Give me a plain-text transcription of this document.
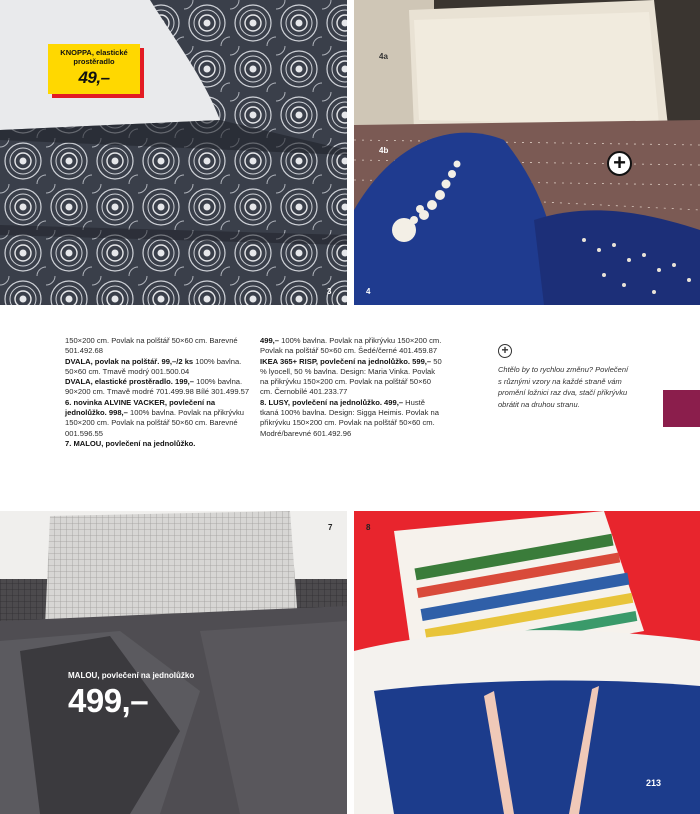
KNOPPA, elastické prostěradlo
49,–
3
4a
4b
4
+

150×200 cm. Povlak na polštář 50×60 cm. Barevné 501.492.68

DVALA, povlak na polštář. 99,–/2 ks 100% bavlna. 50×60 cm. Tmavě modrý 001.500.04

DVALA, elastické prostěradlo. 199,– 100% bavlna. 90×200 cm. Tmavě modré 701.499.98 Bílé 301.499.57

6. novinka ALVINE VACKER, povlečení na jednolůžko. 998,– 100% bavlna. Povlak na přikrývku 150×200 cm. Povlak na polštář 50×60 cm. Barevné 001.596.55

7. MALOU, povlečení na jednolůžko.

499,– 100% bavlna. Povlak na přikrývku 150×200 cm. Povlak na polštář 50×60 cm. Šedé/černé 401.459.87

IKEA 365+ RISP, povlečení na jednolůžko. 599,– 50 % lyocell, 50 % bavlna. Design: Maria Vinka. Povlak na přikrývku 150×200 cm. Povlak na polštář 50×60 cm. Černobílé 401.233.77

8. LUSY, povlečení na jednolůžko. 499,– Hustě tkaná 100% bavlna. Design: Sigga Heimis. Povlak na přikrývku 150×200 cm. Povlak na polštář 50×60 cm. Modré/barevné 601.492.96

+
Chtělo by to rychlou změnu? Povlečení s různými vzory na každé straně vám promění ložnici raz dva, stačí přikrývku obrátit na druhou stranu.
7
MALOU, povlečení na jednolůžko
499,–
8
213
